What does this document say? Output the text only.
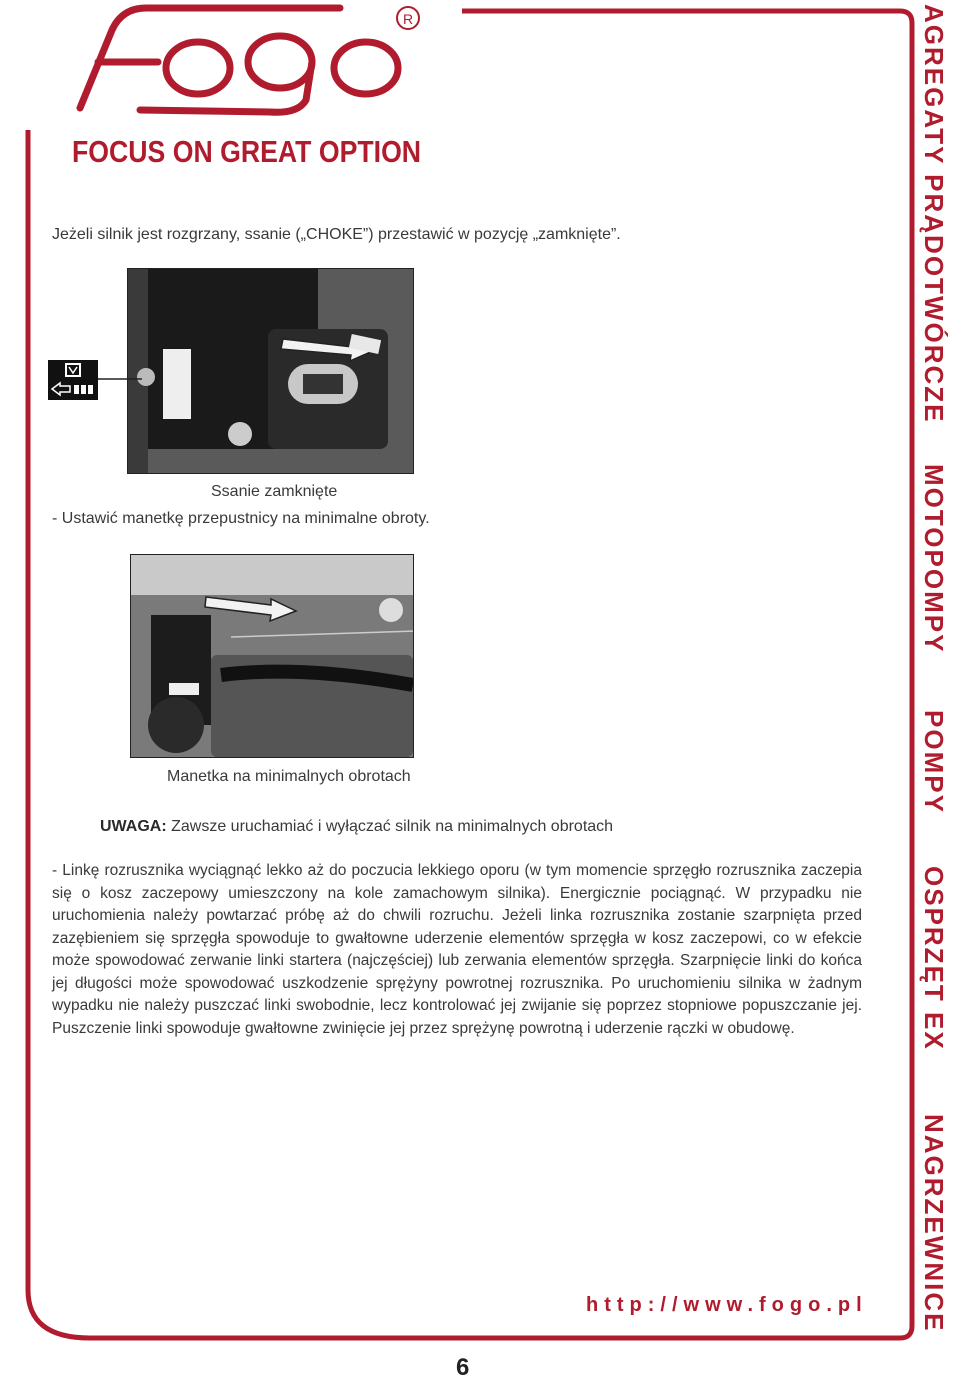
R
FOCUS ON GREAT OPTION
Jeżeli silnik jest rozgrzany, ssanie („CHOKE”) przestawić w pozycję „zamknięte”.
Ssanie zamknięte
- Ustawić manetkę przepustnicy na minimalne obroty.
Manetka na minimalnych obrotach
UWAGA: Zawsze uruchamiać i wyłączać silnik na minimalnych obrotach
- Linkę rozrusznika wyciągnąć lekko aż do poczucia lekkiego oporu (w tym momencie sprzęgło rozrusznika zaczepia się o kosz zaczepowy umieszczony na kole zamachowym silnika). Energicznie pociągnąć. W przypadku nie uruchomienia należy powtarzać próbę aż do chwili rozruchu. Jeżeli linka rozrusznika zostanie szarpnięta przed zazębieniem się sprzęgła spowoduje to gwałtowne uderzenie elementów sprzęgła w kosz zaczepowi, co w efekcie może spowodować zerwanie linki startera (najczęściej) lub zerwania elementów sprzęgła. Szarpnięcie linki do końca jej długości może spowodować uszkodzenie sprężyny powrotnej rozrusznika. Po uruchomieniu silnika w żadnym wypadku nie należy puszczać linki swobodnie, lecz kontrolować jej zwijanie się poprzez stopniowe popuszczanie jej. Puszczenie linki spowoduje gwałtowne zwinięcie jej przez sprężynę powrotną i uderzenie rączki w obudowę.
http://www.fogo.pl
6
AGREGATY PRĄDOTWÓRCZE
MOTOPOMPY
POMPY
OSPRZĘT EX
NAGRZEWNICE
